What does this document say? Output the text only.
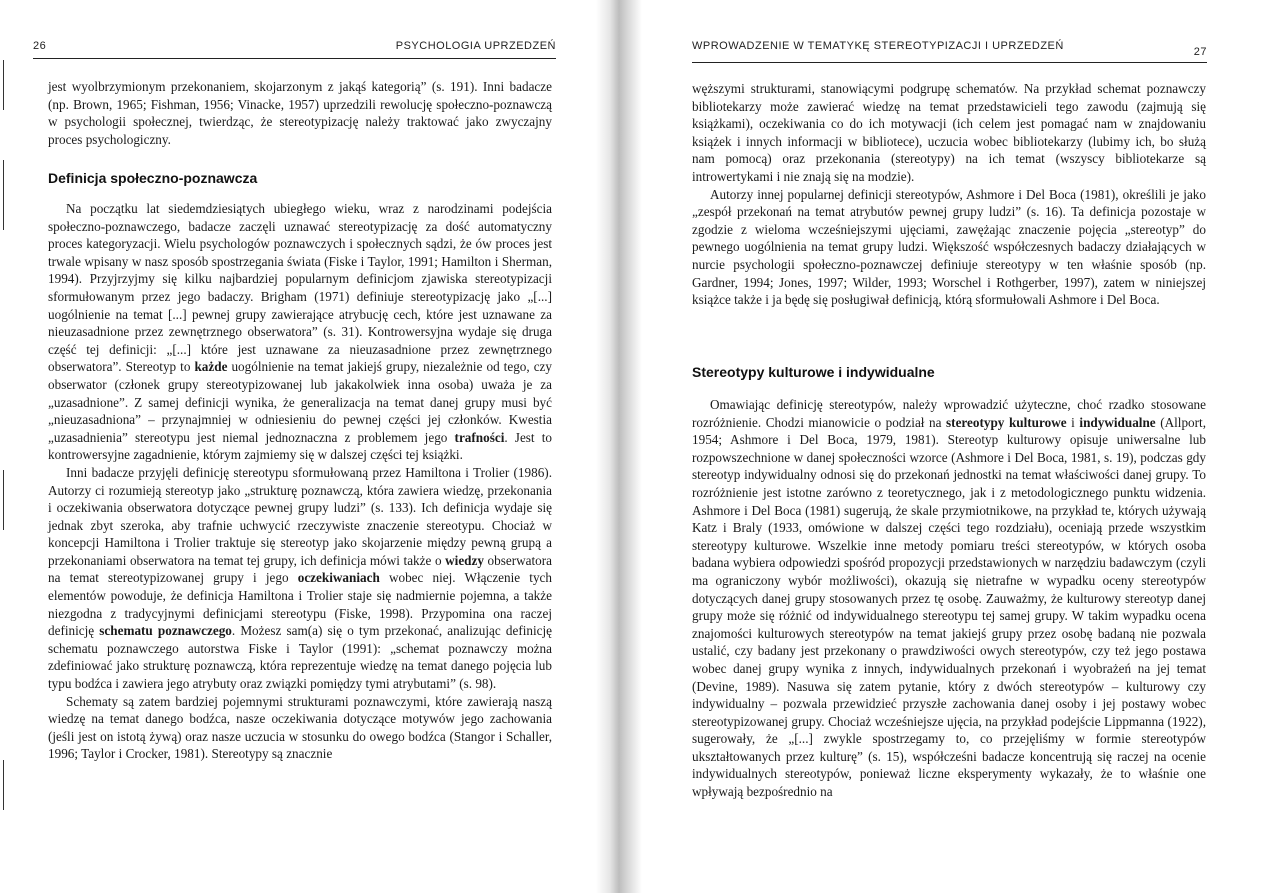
26	PSYCHOLOGIA UPRZEDZEŃ

jest wyolbrzymionym przekonaniem, skojarzonym z jakąś kategorią” (s. 191). Inni badacze (np. Brown, 1965; Fishman, 1956; Vinacke, 1957) uprzedzili rewolucję społeczno-poznawczą w psychologii społecznej, twierdząc, że stereotypizację należy traktować jako zwyczajny proces psychologiczny.

Definicja społeczno-poznawcza

Na początku lat siedemdziesiątych ubiegłego wieku, wraz z narodzinami podejścia społeczno-poznawczego, badacze zaczęli uznawać stereotypizację za dość automatyczny proces kategoryzacji. Wielu psychologów poznawczych i społecznych sądzi, że ów proces jest trwale wpisany w nasz sposób spostrzegania świata (Fiske i Taylor, 1991; Hamilton i Sherman, 1994). Przyjrzyjmy się kilku najbardziej popularnym definicjom zjawiska stereotypizacji sformułowanym przez jego badaczy. Brigham (1971) definiuje stereotypizację jako „[...] uogólnienie na temat [...] pewnej grupy zawierające atrybucję cech, które jest uznawane za nieuzasadnione przez zewnętrznego obserwatora” (s. 31). Kontrowersyjna wydaje się druga część tej definicji: „[...] które jest uznawane za nieuzasadnione przez zewnętrznego obserwatora”. Stereotyp to każde uogólnienie na temat jakiejś grupy, niezależnie od tego, czy obserwator (członek grupy stereotypizowanej lub jakakolwiek inna osoba) uważa je za „uzasadnione”. Z samej definicji wynika, że generalizacja na temat danej grupy musi być „nieuzasadniona” – przynajmniej w odniesieniu do pewnej części jej członków. Kwestia „uzasadnienia” stereotypu jest niemal jednoznaczna z problemem jego trafności. Jest to kontrowersyjne zagadnienie, którym zajmiemy się w dalszej części tej książki.

Inni badacze przyjęli definicję stereotypu sformułowaną przez Hamiltona i Trolier (1986). Autorzy ci rozumieją stereotyp jako „strukturę poznawczą, która zawiera wiedzę, przekonania i oczekiwania obserwatora dotyczące pewnej grupy ludzi” (s. 133). Ich definicja wydaje się jednak zbyt szeroka, aby trafnie uchwycić rzeczywiste znaczenie stereotypu. Chociaż w koncepcji Hamiltona i Trolier traktuje się stereotyp jako skojarzenie między pewną grupą a przekonaniami obserwatora na temat tej grupy, ich definicja mówi także o wiedzy obserwatora na temat stereotypizowanej grupy i jego oczekiwaniach wobec niej. Włączenie tych elementów powoduje, że definicja Hamiltona i Trolier staje się nadmiernie pojemna, a także niezgodna z tradycyjnymi definicjami stereotypu (Fiske, 1998). Przypomina ona raczej definicję schematu poznawczego. Możesz sam(a) się o tym przekonać, analizując definicję schematu poznawczego autorstwa Fiske i Taylor (1991): „schemat poznawczy można zdefiniować jako strukturę poznawczą, która reprezentuje wiedzę na temat danego pojęcia lub typu bodźca i zawiera jego atrybuty oraz związki pomiędzy tymi atrybutami” (s. 98).

Schematy są zatem bardziej pojemnymi strukturami poznawczymi, które zawierają naszą wiedzę na temat danego bodźca, nasze oczekiwania dotyczące motywów jego zachowania (jeśli jest on istotą żywą) oraz nasze uczucia w stosunku do owego bodźca (Stangor i Schaller, 1996; Taylor i Crocker, 1981). Stereotypy są znacznie

WPROWADZENIE W TEMATYKĘ STEREOTYPIZACJI I UPRZEDZEŃ	27

węższymi strukturami, stanowiącymi podgrupę schematów. Na przykład schemat poznawczy bibliotekarzy może zawierać wiedzę na temat przedstawicieli tego zawodu (zajmują się książkami), oczekiwania co do ich motywacji (ich celem jest pomagać nam w znajdowaniu książek i innych informacji w bibliotece), uczucia wobec bibliotekarzy (lubimy ich, bo służą nam pomocą) oraz przekonania (stereotypy) na ich temat (wszyscy bibliotekarze są introwertykami i nie znają się na modzie).

Autorzy innej popularnej definicji stereotypów, Ashmore i Del Boca (1981), określili je jako „zespół przekonań na temat atrybutów pewnej grupy ludzi” (s. 16). Ta definicja pozostaje w zgodzie z wieloma wcześniejszymi ujęciami, zawężając znaczenie pojęcia „stereotyp” do pewnego uogólnienia na temat grupy ludzi. Większość współczesnych badaczy działających w nurcie psychologii społeczno-poznawczej definiuje stereotypy w ten właśnie sposób (np. Gardner, 1994; Jones, 1997; Wilder, 1993; Worschel i Rothgerber, 1997), zatem w niniejszej książce także i ja będę się posługiwał definicją, którą sformułowali Ashmore i Del Boca.

Stereotypy kulturowe i indywidualne

Omawiając definicję stereotypów, należy wprowadzić użyteczne, choć rzadko stosowane rozróżnienie. Chodzi mianowicie o podział na stereotypy kulturowe i indywidualne (Allport, 1954; Ashmore i Del Boca, 1979, 1981). Stereotyp kulturowy opisuje uniwersalne lub rozpowszechnione w danej społeczności wzorce (Ashmore i Del Boca, 1981, s. 19), podczas gdy stereotyp indywidualny odnosi się do przekonań jednostki na temat właściwości danej grupy. To rozróżnienie jest istotne zarówno z teoretycznego, jak i z metodologicznego punktu widzenia. Ashmore i Del Boca (1981) sugerują, że skale przymiotnikowe, na przykład te, których używają Katz i Braly (1933, omówione w dalszej części tego rozdziału), oceniają przede wszystkim stereotypy kulturowe. Wszelkie inne metody pomiaru treści stereotypów, w których osoba badana wybiera odpowiedzi spośród propozycji przedstawionych w narzędziu badawczym (czyli ma ograniczony wybór możliwości), okazują się nietrafne w wypadku oceny stereotypów dotyczących danej grupy stosowanych przez tę osobę. Zauważmy, że kulturowy stereotyp danej grupy może się różnić od indywidualnego stereotypu tej samej grupy. W takim wypadku ocena znajomości kulturowych stereotypów na temat jakiejś grupy przez osobę badaną nie pozwala ustalić, czy badany jest przekonany o prawdziwości owych stereotypów, czy też jego postawa wobec danej grupy wynika z innych, indywidualnych przekonań i wyobrażeń na jej temat (Devine, 1989). Nasuwa się zatem pytanie, który z dwóch stereotypów – kulturowy czy indywidualny – pozwala przewidzieć przyszłe zachowania danej osoby i jej postawy wobec stereotypizowanej grupy. Chociaż wcześniejsze ujęcia, na przykład podejście Lippmanna (1922), sugerowały, że „[...] zwykle spostrzegamy to, co przejęliśmy w formie stereotypów ukształtowanych przez kulturę” (s. 15), współcześni badacze koncentrują się raczej na ocenie indywidualnych stereotypów, ponieważ liczne eksperymenty wykazały, że to właśnie one wpływają bezpośrednio na
